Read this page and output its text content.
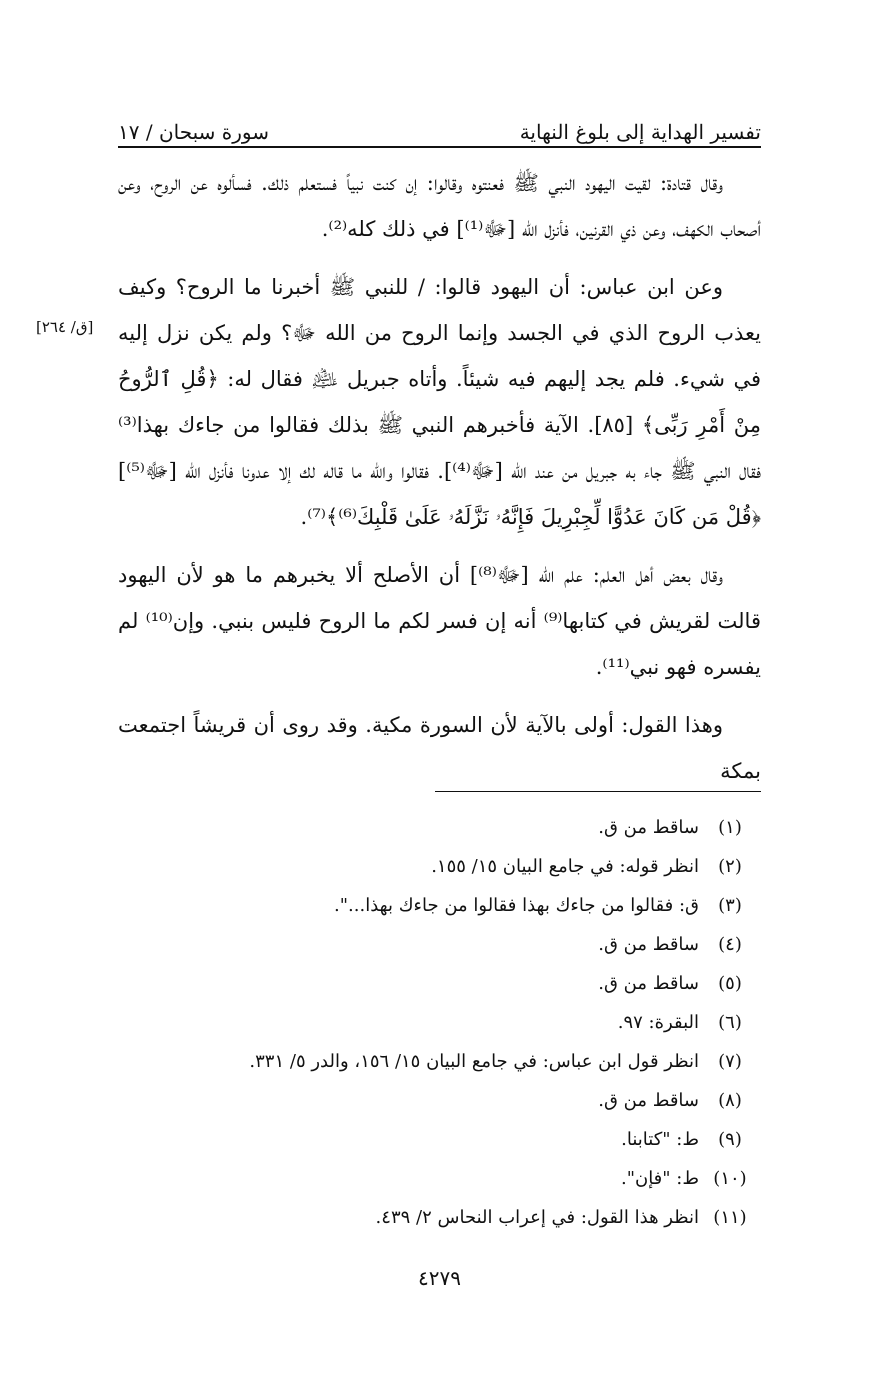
تفسير الهداية إلى بلوغ النهاية
سورة سبحان / ١٧
[ق/ ٢٦٤]

وقال قتادة: لقيت اليهود النبي ﷺ فعنتوه وقالوا: إن كنت نبياً فستعلم ذلك. فسألوه عن الروح، وعن أصحاب الكهف، وعن ذي القرنين، فأنزل الله [ﷻ⁽¹⁾] في ذلك كله⁽²⁾.

وعن ابن عباس: أن اليهود قالوا: / للنبي ﷺ أخبرنا ما الروح؟ وكيف يعذب الروح الذي في الجسد وإنما الروح من الله ﷻ؟ ولم يكن نزل إليه في شيء. فلم يجد إليهم فيه شيئاً. وأتاه جبريل ﵇ فقال له: ﴿قُلِ ٱلرُّوحُ مِنْ أَمْرِ رَبِّى﴾ [٨٥]. الآية فأخبرهم النبي ﷺ بذلك فقالوا من جاءك بهذا⁽³⁾ فقال النبي ﷺ جاء به جبريل من عند الله [ﷻ⁽⁴⁾]. فقالوا والله ما قاله لك إلا عدونا فأنزل الله [ﷻ⁽⁵⁾] ﴿قُلْ مَن كَانَ عَدُوًّا لِّجِبْرِيلَ فَإِنَّهُۥ نَزَّلَهُۥ عَلَىٰ قَلْبِكَ⁽⁶⁾﴾⁽⁷⁾.

وقال بعض أهل العلم: علم الله [ﷻ⁽⁸⁾] أن الأصلح ألا يخبرهم ما هو لأن اليهود قالت لقريش في كتابها⁽⁹⁾ أنه إن فسر لكم ما الروح فليس بنبي. وإن⁽¹⁰⁾ لم يفسره فهو نبي⁽¹¹⁾.

وهذا القول: أولى بالآية لأن السورة مكية. وقد روى أن قريشاً اجتمعت بمكة

(١)
ساقط من ق.
(٢)
انظر قوله: في جامع البيان ١٥/ ١٥٥.
(٣)
ق: فقالوا من جاءك بهذا فقالوا من جاءك بهذا...".
(٤)
ساقط من ق.
(٥)
ساقط من ق.
(٦)
البقرة: ٩٧.
(٧)
انظر قول ابن عباس: في جامع البيان ١٥/ ١٥٦، والدر ٥/ ٣٣١.
(٨)
ساقط من ق.
(٩)
ط: "كتابنا.
(١٠)
ط: "فإن".
(١١)
انظر هذا القول: في إعراب النحاس ٢/ ٤٣٩.
٤٢٧٩
